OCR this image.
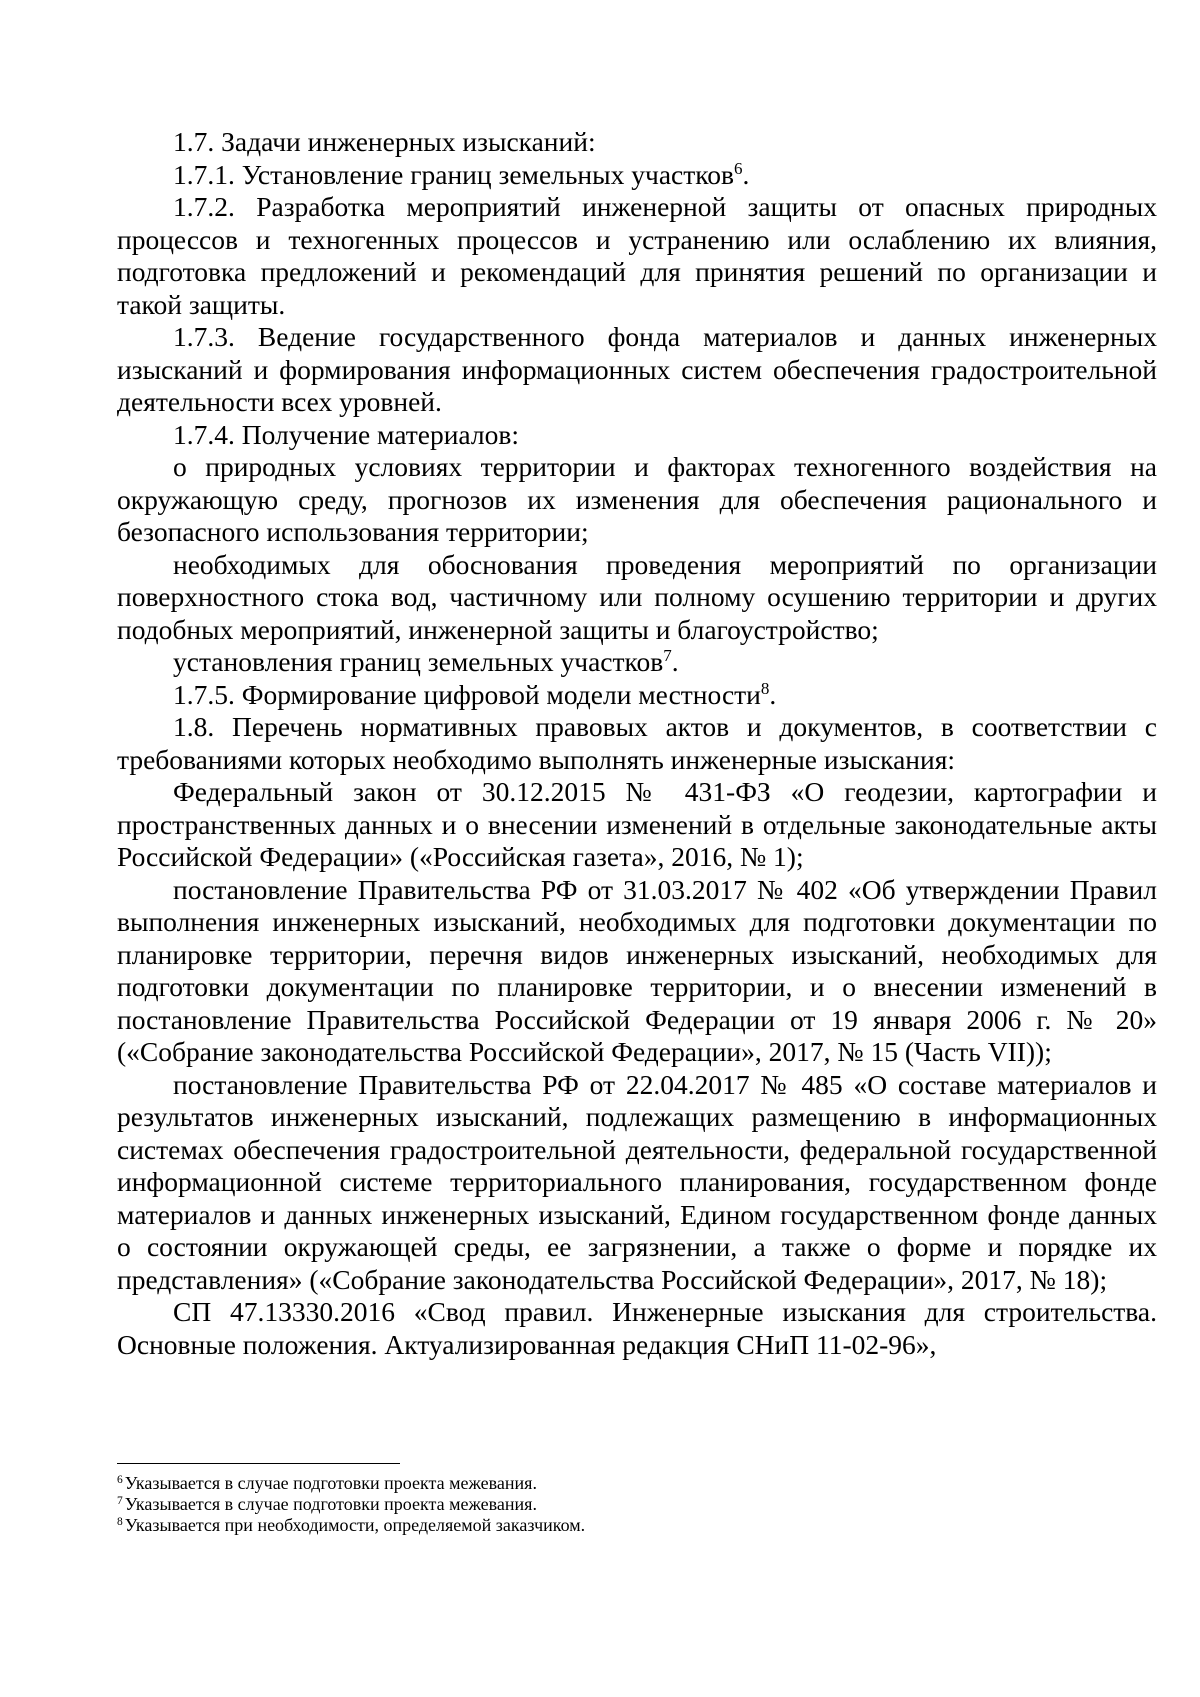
1.7. Задачи инженерных изысканий:

1.7.1. Установление границ земельных участков$^6$.

1.7.2. Разработка мероприятий инженерной защиты от опасных природных процессов и техногенных процессов и устранению или ослаблению их влияния, подготовка предложений и рекомендаций для принятия решений по организации и такой защиты.

1.7.3. Ведение государственного фонда материалов и данных инженерных изысканий и формирования информационных систем обеспечения градостроительной деятельности всех уровней.

1.7.4. Получение материалов:

о природных условиях территории и факторах техногенного воздействия на окружающую среду, прогнозов их изменения для обеспечения рационального и безопасного использования территории;

необходимых для обоснования проведения мероприятий по организации поверхностного стока вод, частичному или полному осушению территории и других подобных мероприятий, инженерной защиты и благоустройство;

установления границ земельных участков$^7$.

1.7.5. Формирование цифровой модели местности$^8$.

1.8. Перечень нормативных правовых актов и документов, в соответствии с требованиями которых необходимо выполнять инженерные изыскания:

Федеральный закон от 30.12.2015 № 431-ФЗ «О геодезии, картографии и пространственных данных и о внесении изменений в отдельные законодательные акты Российской Федерации» («Российская газета», 2016, № 1);

постановление Правительства РФ от 31.03.2017 № 402 «Об утверждении Правил выполнения инженерных изысканий, необходимых для подготовки документации по планировке территории, перечня видов инженерных изысканий, необходимых для подготовки документации по планировке территории, и о внесении изменений в постановление Правительства Российской Федерации от 19 января 2006 г. № 20» («Собрание законодательства Российской Федерации», 2017, № 15 (Часть VII));

постановление Правительства РФ от 22.04.2017 № 485 «О составе материалов и результатов инженерных изысканий, подлежащих размещению в информационных системах обеспечения градостроительной деятельности, федеральной государственной информационной системе территориального планирования, государственном фонде материалов и данных инженерных изысканий, Едином государственном фонде данных о состоянии окружающей среды, ее загрязнении, а также о форме и порядке их представления» («Собрание законодательства Российской Федерации», 2017, № 18);

СП 47.13330.2016 «Свод правил. Инженерные изыскания для строительства. Основные положения. Актуализированная редакция СНиП 11-02-96»,

$^6$ Указывается в случае подготовки проекта межевания.

$^7$ Указывается в случае подготовки проекта межевания.

$^8$ Указывается при необходимости, определяемой заказчиком.
